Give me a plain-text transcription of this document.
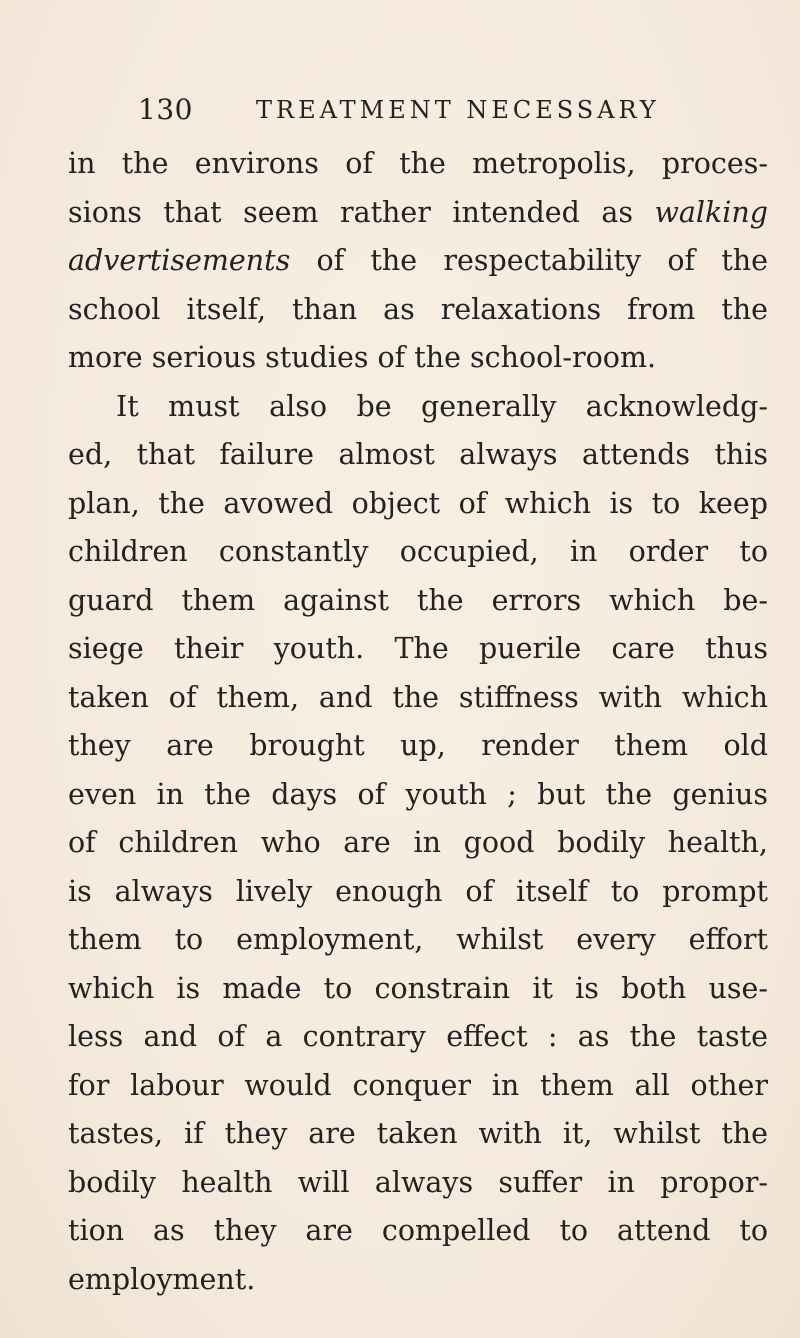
130	TREATMENT NECESSARY
in the environs of the metropolis, proces-
sions that seem rather intended as walking
advertisements of the respectability of the
school itself, than as relaxations from the
more serious studies of the school-room.
It must also be generally acknowledg-
ed, that failure almost always attends this
plan, the avowed object of which is to keep
children constantly occupied, in order to
guard them against the errors which be-
siege their youth. The puerile care thus
taken of them, and the stiffness with which
they are brought up, render them old
even in the days of youth ; but the genius
of children who are in good bodily health,
is always lively enough of itself to prompt
them to employment, whilst every effort
which is made to constrain it is both use-
less and of a contrary effect : as the taste
for labour would conquer in them all other
tastes, if they are taken with it, whilst the
bodily health will always suffer in propor-
tion as they are compelled to attend to
employment.
